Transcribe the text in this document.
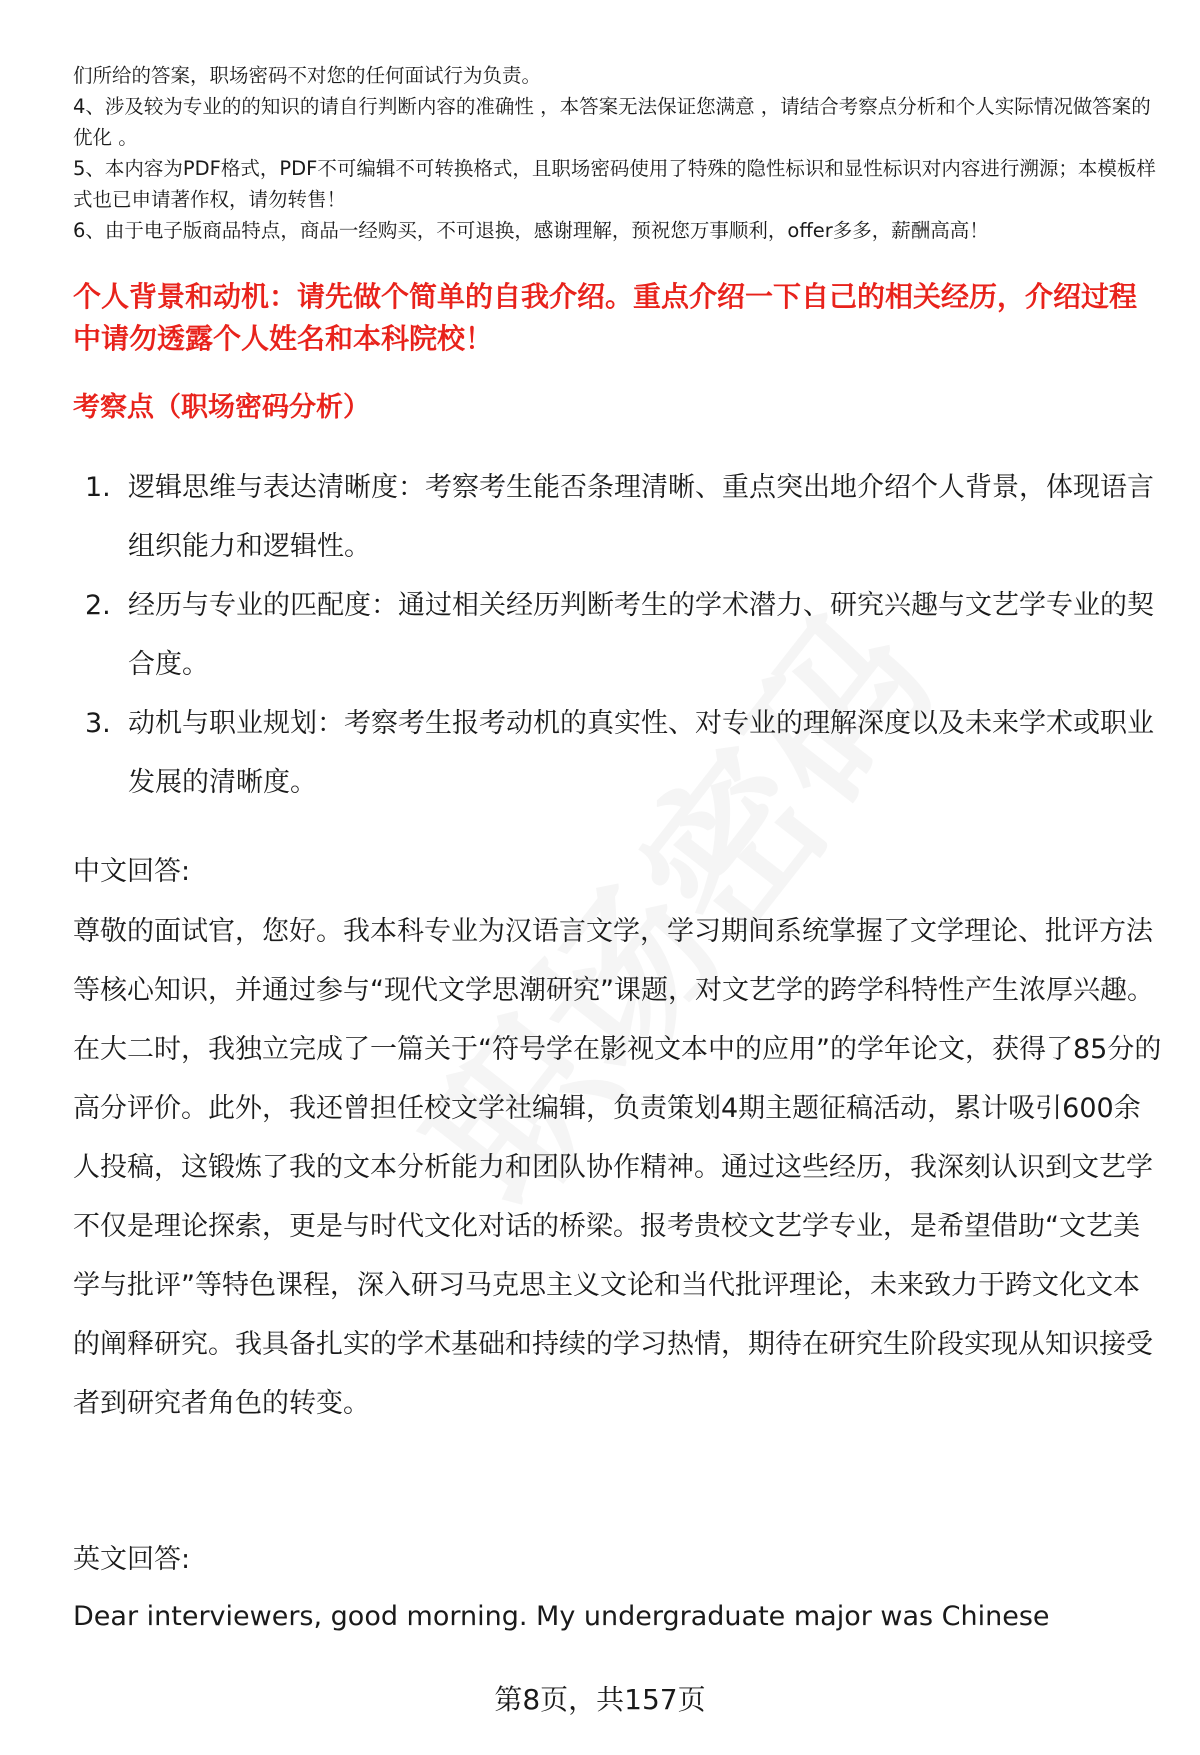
们所给的答案，职场密码不对您的任何面试行为负责。

4、涉及较为专业的的知识的请自行判断内容的准确性 ，本答案无法保证您满意 ，请结合考察点分析和个人实际情况做答案的优化 。

5、本内容为PDF格式，PDF不可编辑不可转换格式，且职场密码使用了特殊的隐性标识和显性标识对内容进行溯源；本模板样式也已申请著作权，请勿转售！

6、由于电子版商品特点，商品一经购买，不可退换，感谢理解，预祝您万事顺利，offer多多，薪酬高高！

个人背景和动机：请先做个简单的自我介绍。重点介绍一下自己的相关经历，介绍过程中请勿透露个人姓名和本科院校！

考察点（职场密码分析）

1. 逻辑思维与表达清晰度：考察考生能否条理清晰、重点突出地介绍个人背景，体现语言组织能力和逻辑性。
2. 经历与专业的匹配度：通过相关经历判断考生的学术潜力、研究兴趣与文艺学专业的契合度。
3. 动机与职业规划：考察考生报考动机的真实性、对专业的理解深度以及未来学术或职业发展的清晰度。

中文回答:

尊敬的面试官，您好。我本科专业为汉语言文学，学习期间系统掌握了文学理论、批评方法等核心知识，并通过参与“现代文学思潮研究”课题，对文艺学的跨学科特性产生浓厚兴趣。在大二时，我独立完成了一篇关于“符号学在影视文本中的应用”的学年论文，获得了85分的高分评价。此外，我还曾担任校文学社编辑，负责策划4期主题征稿活动，累计吸引600余人投稿，这锻炼了我的文本分析能力和团队协作精神。通过这些经历，我深刻认识到文艺学不仅是理论探索，更是与时代文化对话的桥梁。报考贵校文艺学专业，是希望借助“文艺美学与批评”等特色课程，深入研习马克思主义文论和当代批评理论，未来致力于跨文化文本的阐释研究。我具备扎实的学术基础和持续的学习热情，期待在研究生阶段实现从知识接受者到研究者角色的转变。

英文回答:

Dear interviewers, good morning. My undergraduate major was Chinese

第8页，共157页
